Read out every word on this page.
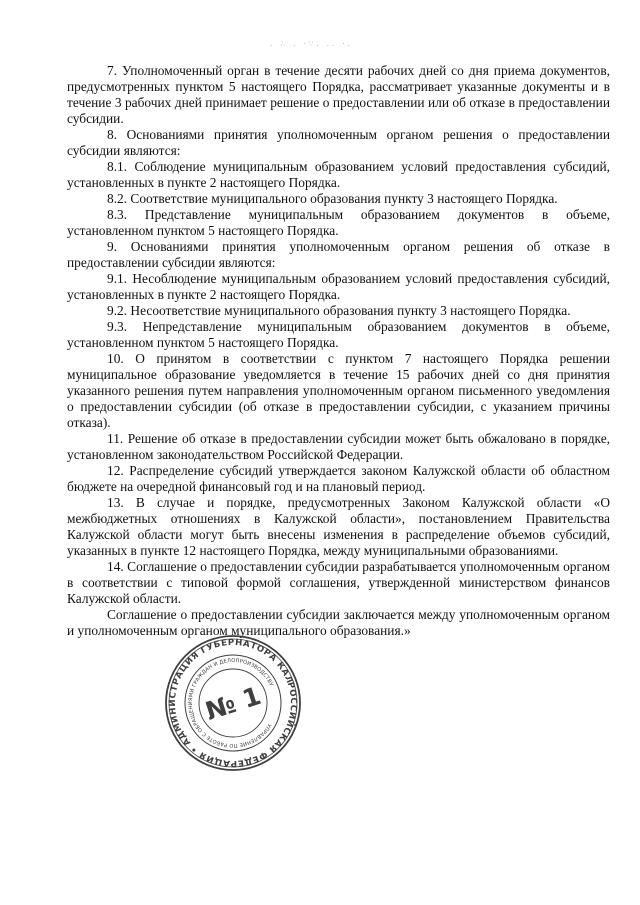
. ∴ . ·∵. .. ·.

7. Уполномоченный орган в течение десяти рабочих дней со дня приема документов, предусмотренных пунктом 5 настоящего Порядка, рассматривает указанные документы и в течение 3 рабочих дней принимает решение о предоставлении или об отказе в предоставлении субсидии.

8. Основаниями принятия уполномоченным органом решения о предоставлении субсидии являются:

8.1. Соблюдение муниципальным образованием условий предоставления субсидий, установленных в пункте 2 настоящего Порядка.

8.2. Соответствие муниципального образования пункту 3 настоящего Порядка.

8.3. Представление муниципальным образованием документов в объеме, установленном пунктом 5 настоящего Порядка.

9. Основаниями принятия уполномоченным органом решения об отказе в предоставлении субсидии являются:

9.1. Несоблюдение муниципальным образованием условий предоставления субсидий, установленных в пункте 2 настоящего Порядка.

9.2. Несоответствие муниципального образования пункту 3 настоящего Порядка.

9.3. Непредставление муниципальным образованием документов в объеме, установленном пунктом 5 настоящего Порядка.

10. О принятом в соответствии с пунктом 7 настоящего Порядка решении муниципальное образование уведомляется в течение 15 рабочих дней со дня принятия указанного решения путем направления уполномоченным органом письменного уведомления о предоставлении субсидии (об отказе в предоставлении субсидии, с указанием причины отказа).

11. Решение об отказе в предоставлении субсидии может быть обжаловано в порядке, установленном законодательством Российской Федерации.

12. Распределение субсидий утверждается законом Калужской области об областном бюджете на очередной финансовый год и на плановый период.

13. В случае и порядке, предусмотренных Законом Калужской области «О межбюджетных отношениях в Калужской области», постановлением Правительства Калужской области могут быть внесены изменения в распределение объемов субсидий, указанных в пункте 12 настоящего Порядка, между муниципальными образованиями.

14. Соглашение о предоставлении субсидии разрабатывается уполномоченным органом в соответствии с типовой формой соглашения, утвержденной министерством финансов Калужской области.

Соглашение о предоставлении субсидии заключается между уполномоченным органом и уполномоченным органом муниципального образования.»

РОССИЙСКАЯ ФЕДЕРАЦИЯ • АДМИНИСТРАЦИЯ ГУБЕРНАТОРА КАЛУЖСКОЙ
УПРАВЛЕНИЕ ПО РАБОТЕ С ОБРАЩЕНИЯМИ ГРАЖДАН И ДЕЛОПРОИЗВОДСТВУ
№ 1
